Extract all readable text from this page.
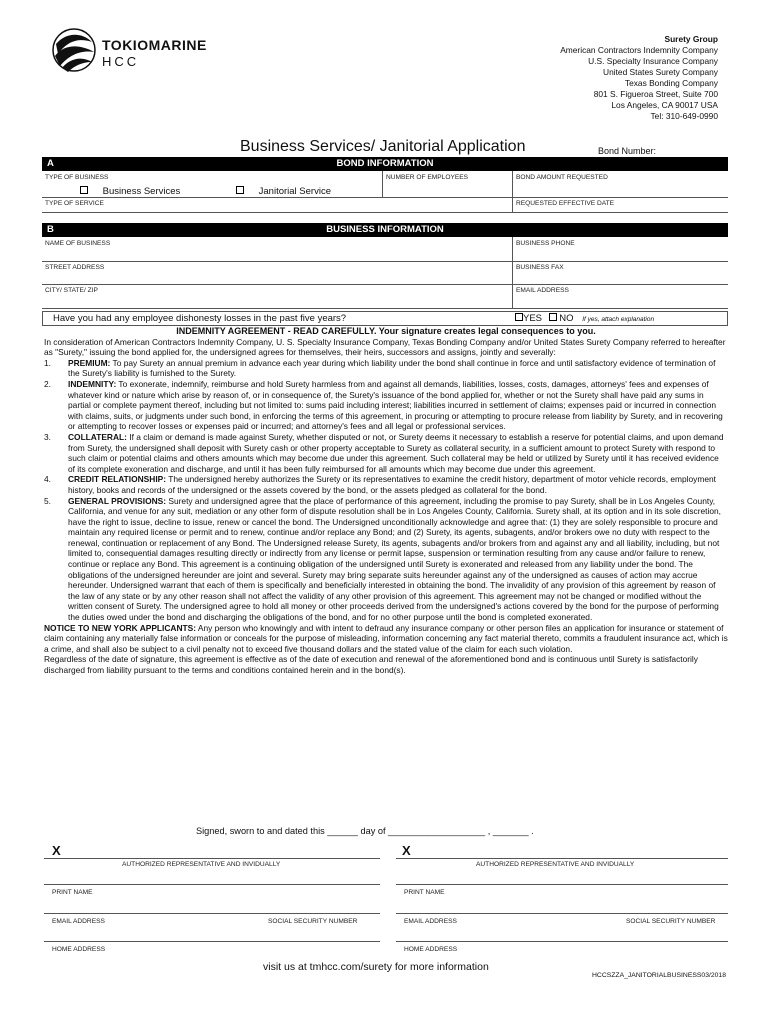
TOKIOMARINE
HCC
Surety Group
American Contractors Indemnity Company
U.S. Specialty Insurance Company
United States Surety Company
Texas Bonding Company
801 S. Figueroa Street, Suite 700
Los Angeles, CA 90017 USA
Tel: 310-649-0990
Business Services/ Janitorial Application	Bond Number:
A	BOND INFORMATION
TYPE OF BUSINESS	NUMBER OF EMPLOYEES	BOND AMOUNT REQUESTED
Business Services	Janitorial Service
TYPE OF SERVICE	REQUESTED EFFECTIVE DATE
B	BUSINESS INFORMATION
NAME OF BUSINESS	BUSINESS PHONE
STREET ADDRESS	BUSINESS FAX
CITY/ STATE/ ZIP	EMAIL ADDRESS
Have you had any employee dishonesty losses in the past five years?	YES NO If yes, attach explanation
INDEMNITY AGREEMENT - READ CAREFULLY. Your signature creates legal consequences to you.
In consideration of American Contractors Indemnity Company, U. S. Specialty Insurance Company, Texas Bonding Company and/or United States Surety Company referred to hereafter as "Surety," issuing the bond applied for, the undersigned agrees for themselves, their heirs, successors and assigns, jointly and severally:
1. PREMIUM: To pay Surety an annual premium in advance each year during which liability under the bond shall continue in force and until satisfactory evidence of termination of the Surety's liability is furnished to the Surety.
2. INDEMNITY: To exonerate, indemnify, reimburse and hold Surety harmless from and against all demands, liabilities, losses, costs, damages, attorneys' fees and expenses of whatever kind or nature which arise by reason of, or in consequence of, the Surety's issuance of the bond applied for, whether or not the Surety shall have paid any sums in partial or complete payment thereof, including but not limited to: sums paid including interest; liabilities incurred in settlement of claims; expenses paid or incurred in connection with claims, suits, or judgments under such bond, in enforcing the terms of this agreement, in procuring or attempting to procure release from liability by Surety, and in recovering or attempting to recover losses or expenses paid or incurred; and attorney's fees and all legal or professional services.
3. COLLATERAL: If a claim or demand is made against Surety, whether disputed or not, or Surety deems it necessary to establish a reserve for potential claims, and upon demand from Surety, the undersigned shall deposit with Surety cash or other property acceptable to Surety as collateral security, in a sufficient amount to protect Surety with respond to such claim or potential claims and others amounts which may become due under this agreement. Such collateral may be held or utilized by Surety until it has received evidence of its complete exoneration and discharge, and until it has been fully reimbursed for all amounts which may become due under this agreement.
4. CREDIT RELATIONSHIP: The undersigned hereby authorizes the Surety or its representatives to examine the credit history, department of motor vehicle records, employment history, books and records of the undersigned or the assets covered by the bond, or the assets pledged as collateral for the bond.
5. GENERAL PROVISIONS: Surety and undersigned agree that the place of performance of this agreement, including the promise to pay Surety, shall be in Los Angeles County, California, and venue for any suit, mediation or any other form of dispute resolution shall be in Los Angeles County, California. Surety shall, at its option and in its sole discretion, have the right to issue, decline to issue, renew or cancel the bond. The Undersigned unconditionally acknowledge and agree that: (1) they are solely responsible to procure and maintain any required license or permit and to renew, continue and/or replace any Bond; and (2) Surety, its agents, subagents, and/or brokers owe no duty with respect to the renewal, continuation or replacement of any Bond. The Undersigned release Surety, its agents, subagents and/or brokers from and against any and all liability, including, but not limited to, consequential damages resulting directly or indirectly from any license or permit lapse, suspension or termination resulting from any cause and/or failure to renew, continue or replace any Bond. This agreement is a continuing obligation of the undersigned until Surety is exonerated and released from any liability under the bond. The obligations of the undersigned hereunder are joint and several. Surety may bring separate suits hereunder against any of the undersigned as causes of action may accrue hereunder. Undersigned warrant that each of them is specifically and beneficially interested in obtaining the bond. The invalidity of any provision of this agreement by reason of the law of any state or by any other reason shall not affect the validity of any other provision of this agreement. This agreement may not be changed or modified without the written consent of Surety. The undersigned agree to hold all money or other proceeds derived from the undersigned's actions covered by the bond for the purpose of performing the duties owed under the bond and discharging the obligations of the bond, and for no other purpose until the bond is completed exonerated.
NOTICE TO NEW YORK APPLICANTS: Any person who knowingly and with intent to defraud any insurance company or other person files an application for insurance or statement of claim containing any materially false information or conceals for the purpose of misleading, information concerning any fact material thereto, commits a fraudulent insurance act, which is a crime, and shall also be subject to a civil penalty not to exceed five thousand dollars and the stated value of the claim for each such violation.
Regardless of the date of signature, this agreement is effective as of the date of execution and renewal of the aforementioned bond and is continuous until Surety is satisfactorily discharged from liability pursuant to the terms and conditions contained herein and in the bond(s).
Signed, sworn to and dated this ______ day of ___________________ , _______ .
X
AUTHORIZED REPRESENTATIVE AND INVIDUALLY
PRINT NAME
EMAIL ADDRESS	SOCIAL SECURITY NUMBER
HOME ADDRESS
X
AUTHORIZED REPRESENTATIVE AND INVIDUALLY
PRINT NAME
EMAIL ADDRESS	SOCIAL SECURITY NUMBER
HOME ADDRESS
visit us at tmhcc.com/surety for more information
HCCSZZA_JANITORIALBUSINESS03/2018
